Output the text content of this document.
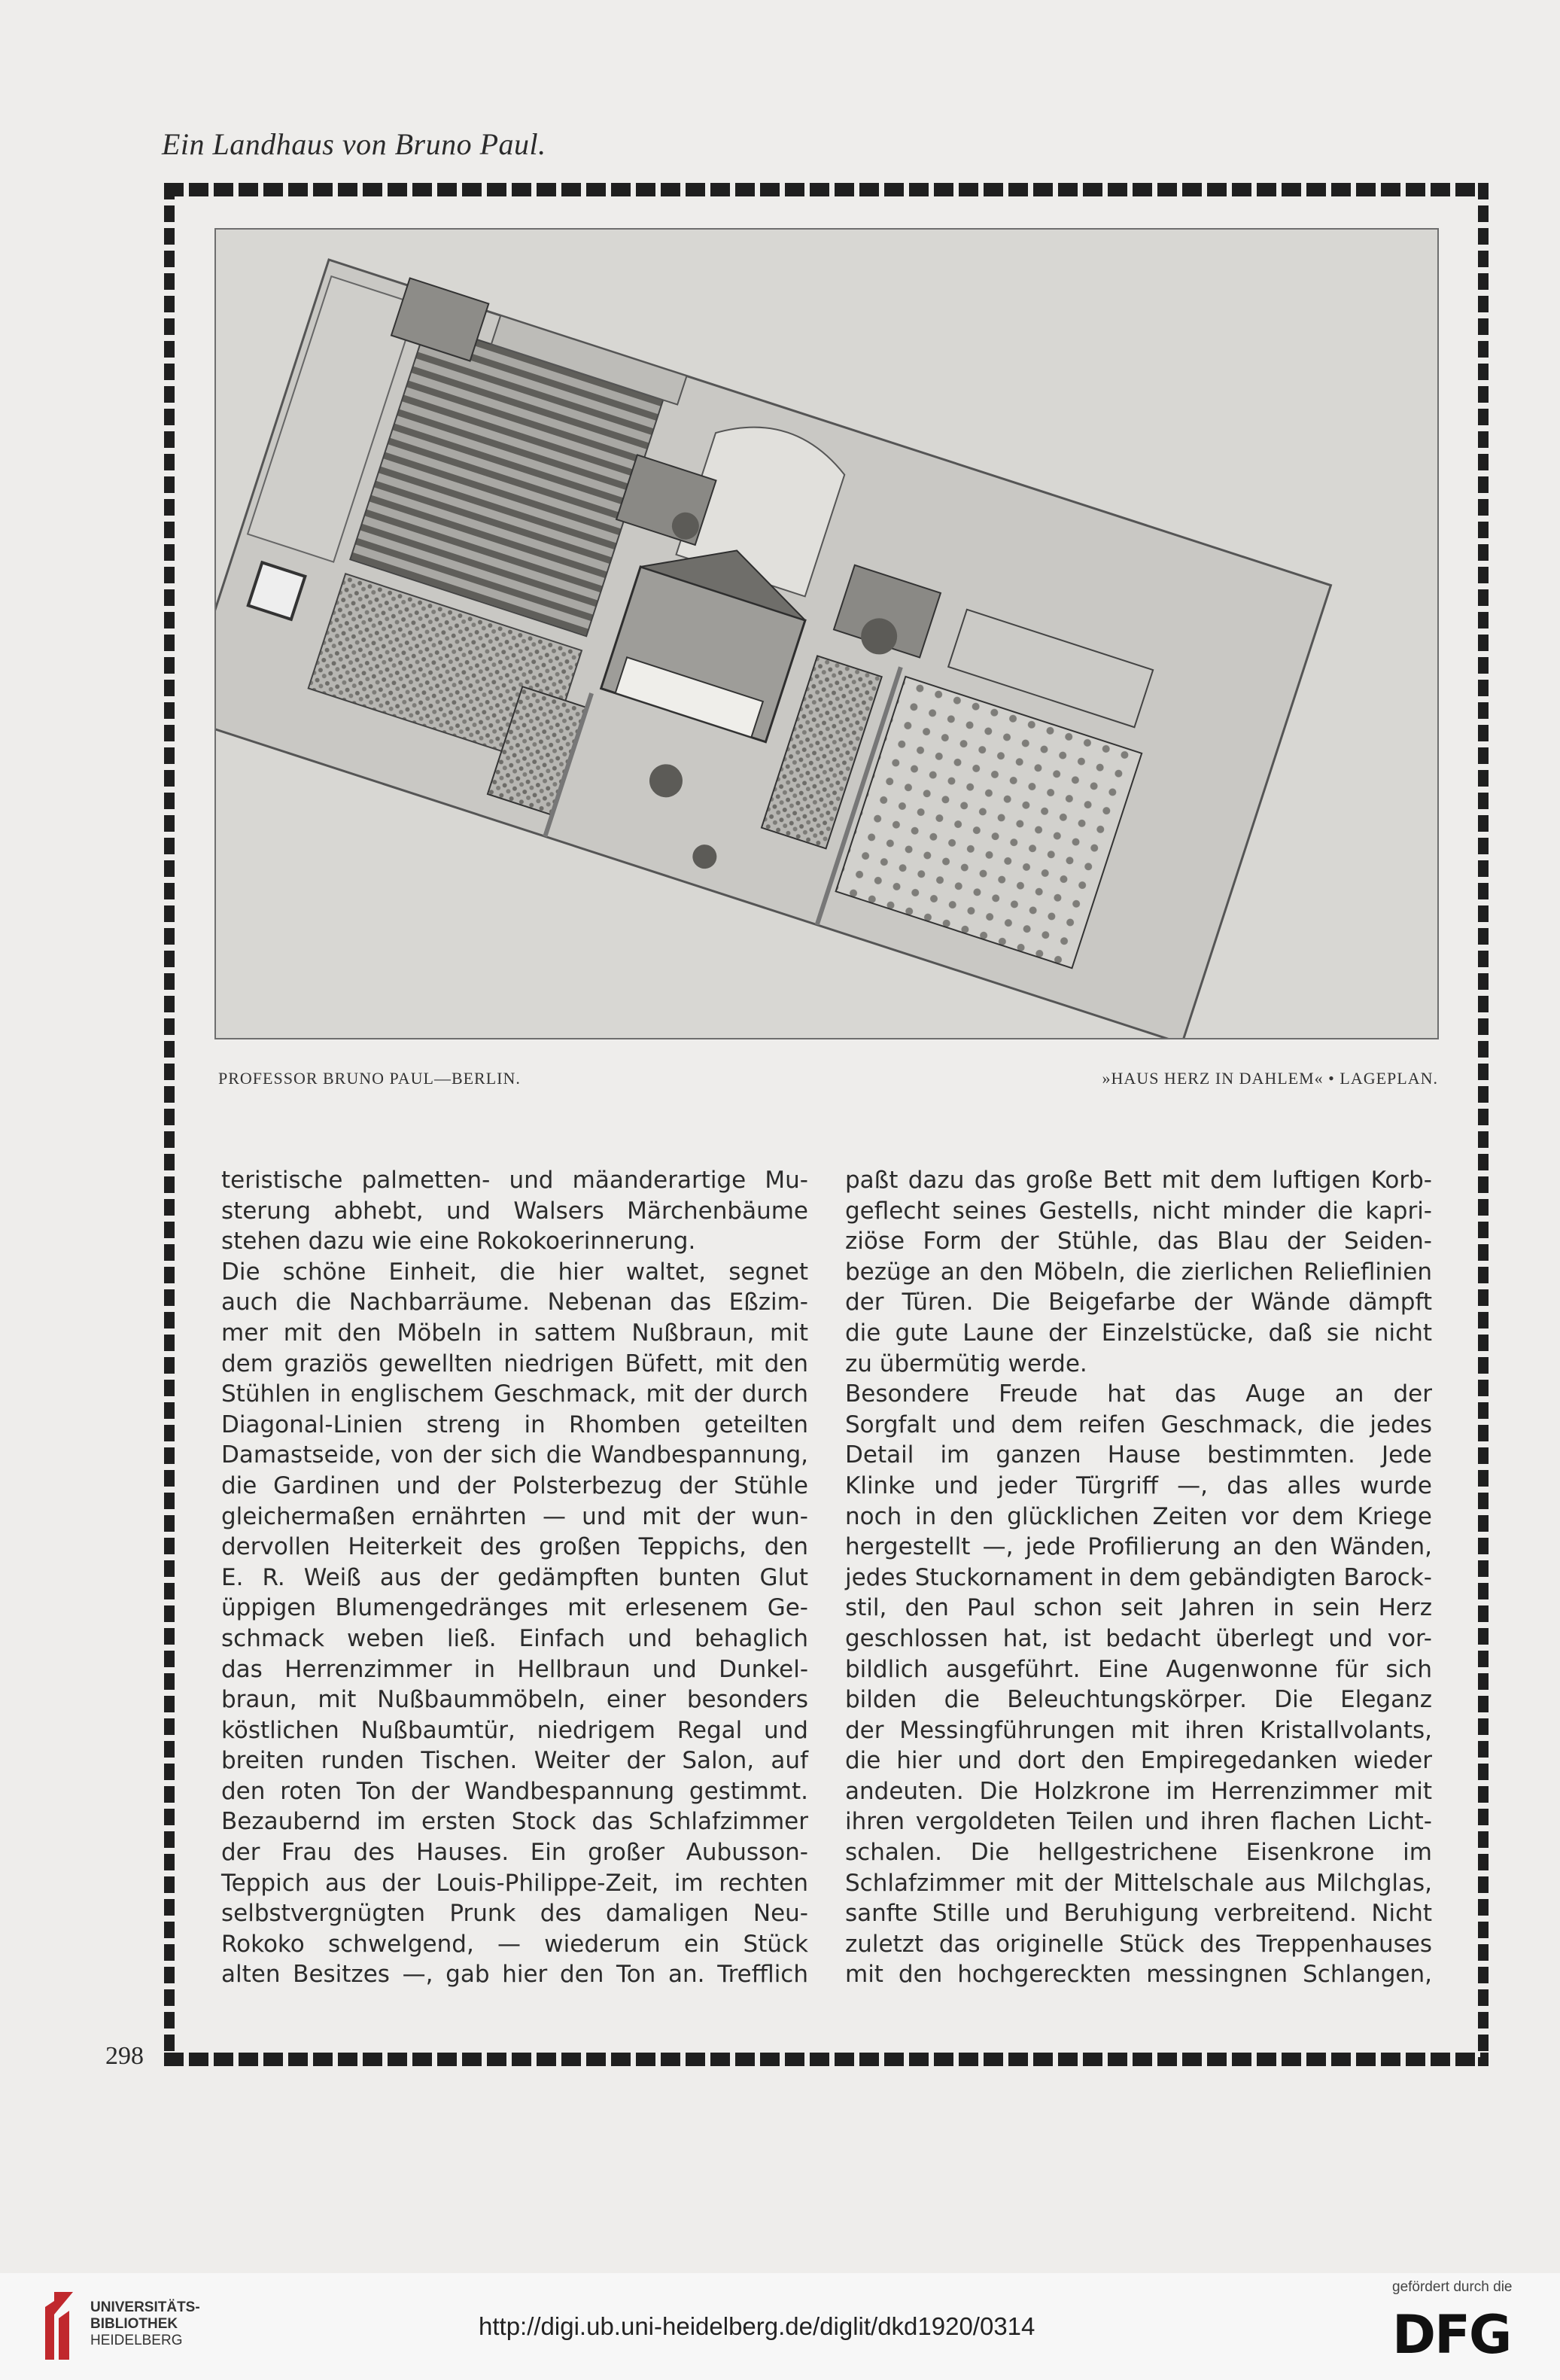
Ein Landhaus von Bruno Paul.
PROFESSOR BRUNO PAUL—BERLIN.	»HAUS HERZ IN DAHLEM« • LAGEPLAN.
teristische palmetten- und mäanderartige Mu-
sterung abhebt, und Walsers Märchenbäume
stehen dazu wie eine Rokokoerinnerung.
Die schöne Einheit, die hier waltet, segnet
auch die Nachbarräume. Nebenan das Eßzim-
mer mit den Möbeln in sattem Nußbraun, mit
dem graziös gewellten niedrigen Büfett, mit den
Stühlen in englischem Geschmack, mit der durch
Diagonal-Linien streng in Rhomben geteilten
Damastseide, von der sich die Wandbespannung,
die Gardinen und der Polsterbezug der Stühle
gleichermaßen ernährten — und mit der wun-
dervollen Heiterkeit des großen Teppichs, den
E. R. Weiß aus der gedämpften bunten Glut
üppigen Blumengedränges mit erlesenem Ge-
schmack weben ließ. Einfach und behaglich
das Herrenzimmer in Hellbraun und Dunkel-
braun, mit Nußbaummöbeln, einer besonders
köstlichen Nußbaumtür, niedrigem Regal und
breiten runden Tischen. Weiter der Salon, auf
den roten Ton der Wandbespannung gestimmt.
Bezaubernd im ersten Stock das Schlafzimmer
der Frau des Hauses. Ein großer Aubusson-
Teppich aus der Louis-Philippe-Zeit, im rechten
selbstvergnügten Prunk des damaligen Neu-
Rokoko schwelgend, — wiederum ein Stück
alten Besitzes —, gab hier den Ton an. Trefflich
paßt dazu das große Bett mit dem luftigen Korb-
geflecht seines Gestells, nicht minder die kapri-
ziöse Form der Stühle, das Blau der Seiden-
bezüge an den Möbeln, die zierlichen Relieflinien
der Türen. Die Beigefarbe der Wände dämpft
die gute Laune der Einzelstücke, daß sie nicht
zu übermütig werde.
Besondere Freude hat das Auge an der
Sorgfalt und dem reifen Geschmack, die jedes
Detail im ganzen Hause bestimmten. Jede
Klinke und jeder Türgriff —, das alles wurde
noch in den glücklichen Zeiten vor dem Kriege
hergestellt —, jede Profilierung an den Wänden,
jedes Stuckornament in dem gebändigten Barock-
stil, den Paul schon seit Jahren in sein Herz
geschlossen hat, ist bedacht überlegt und vor-
bildlich ausgeführt. Eine Augenwonne für sich
bilden die Beleuchtungskörper. Die Eleganz
der Messingführungen mit ihren Kristallvolants,
die hier und dort den Empiregedanken wieder
andeuten. Die Holzkrone im Herrenzimmer mit
ihren vergoldeten Teilen und ihren flachen Licht-
schalen. Die hellgestrichene Eisenkrone im
Schlafzimmer mit der Mittelschale aus Milchglas,
sanfte Stille und Beruhigung verbreitend. Nicht
zuletzt das originelle Stück des Treppenhauses
mit den hochgereckten messingnen Schlangen,
298
UNIVERSITÄTS-
BIBLIOTHEK
HEIDELBERG
http://digi.ub.uni-heidelberg.de/diglit/dkd1920/0314
gefördert durch die
DFG
